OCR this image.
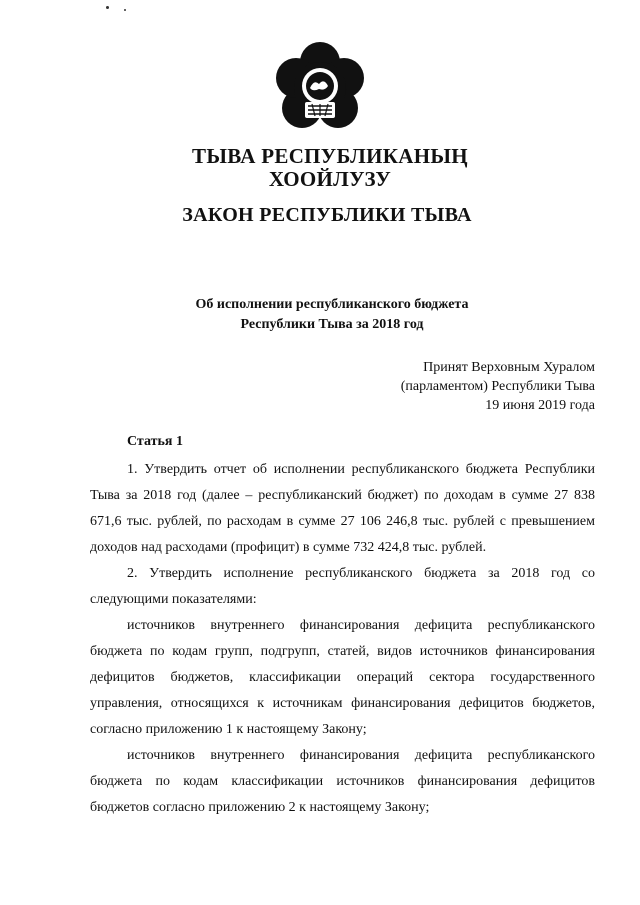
ТЫВА РЕСПУБЛИКАНЫҢ
ХООЙЛУЗУ
ЗАКОН РЕСПУБЛИКИ ТЫВА
Об исполнении республиканского бюджета
Республики Тыва за 2018 год
Принят Верховным Хуралом
(парламентом) Республики Тыва
19 июня 2019 года
Статья 1

1. Утвердить отчет об исполнении республиканского бюджета Республики Тыва за 2018 год (далее – республиканский бюджет) по доходам в сумме 27 838 671,6 тыс. рублей, по расходам в сумме 27 106 246,8 тыс. рублей с превышением доходов над расходами (профицит) в сумме 732 424,8 тыс. рублей.

2. Утвердить исполнение республиканского бюджета за 2018 год со следующими показателями:

источников внутреннего финансирования дефицита республиканского бюджета по кодам групп, подгрупп, статей, видов источников финансирования дефицитов бюджетов, классификации операций сектора государственного управления, относящихся к источникам финансирования дефицитов бюджетов, согласно приложению 1 к настоящему Закону;

источников внутреннего финансирования дефицита республиканского бюджета по кодам классификации источников финансирования дефицитов бюджетов согласно приложению 2 к настоящему Закону;
